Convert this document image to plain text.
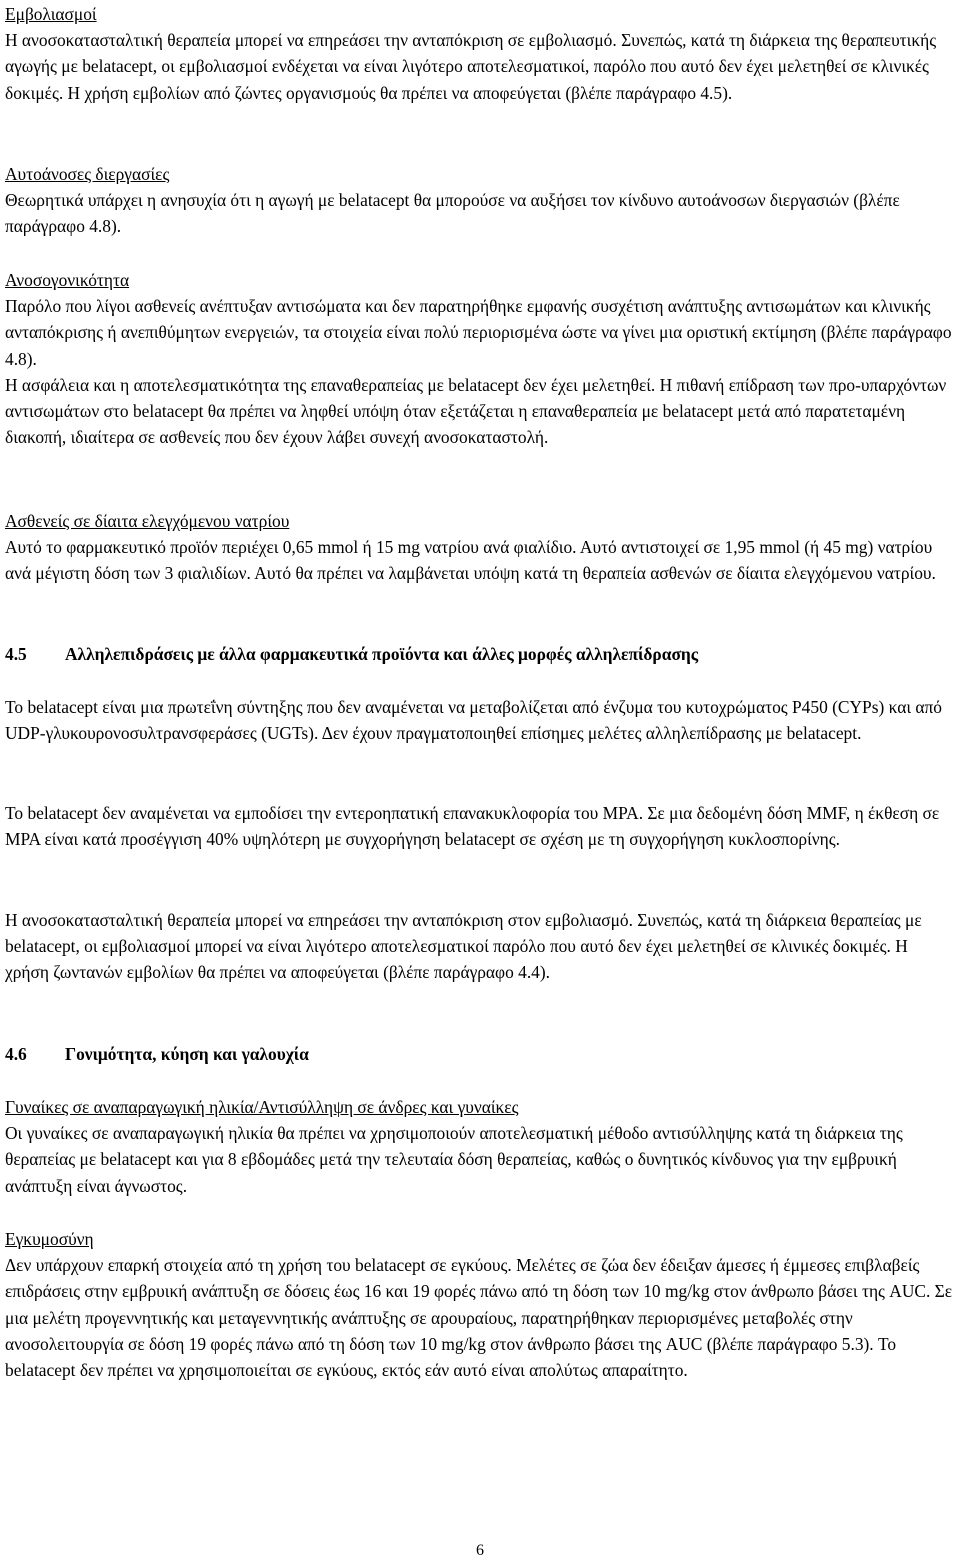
Εμβολιασμοί

Η ανοσοκατασταλτική θεραπεία μπορεί να επηρεάσει την ανταπόκριση σε εμβολιασμό. Συνεπώς, κατά τη διάρκεια της θεραπευτικής αγωγής με belatacept, οι εμβολιασμοί ενδέχεται να είναι λιγότερο αποτελεσματικοί, παρόλο που αυτό δεν έχει μελετηθεί σε κλινικές δοκιμές. Η χρήση εμβολίων από ζώντες οργανισμούς θα πρέπει να αποφεύγεται (βλέπε παράγραφο 4.5).

Αυτοάνοσες διεργασίες

Θεωρητικά υπάρχει η ανησυχία ότι η αγωγή με belatacept θα μπορούσε να αυξήσει τον κίνδυνο αυτοάνοσων διεργασιών (βλέπε παράγραφο 4.8).

Ανοσογονικότητα

Παρόλο που λίγοι ασθενείς ανέπτυξαν αντισώματα και δεν παρατηρήθηκε εμφανής συσχέτιση ανάπτυξης αντισωμάτων και κλινικής ανταπόκρισης ή ανεπιθύμητων ενεργειών, τα στοιχεία είναι πολύ περιορισμένα ώστε να γίνει μια οριστική εκτίμηση (βλέπε παράγραφο 4.8).

Η ασφάλεια και η αποτελεσματικότητα της επαναθεραπείας με belatacept δεν έχει μελετηθεί. Η πιθανή επίδραση των προ-υπαρχόντων αντισωμάτων στο belatacept θα πρέπει να ληφθεί υπόψη όταν εξετάζεται η επαναθεραπεία με belatacept μετά από παρατεταμένη διακοπή, ιδιαίτερα σε ασθενείς που δεν έχουν λάβει συνεχή ανοσοκαταστολή.

Ασθενείς σε δίαιτα ελεγχόμενου νατρίου

Αυτό το φαρμακευτικό προϊόν περιέχει 0,65 mmol ή 15 mg νατρίου ανά φιαλίδιο. Αυτό αντιστοιχεί σε 1,95 mmol (ή 45 mg) νατρίου ανά μέγιστη δόση των 3 φιαλιδίων. Αυτό θα πρέπει να λαμβάνεται υπόψη κατά τη θεραπεία ασθενών σε δίαιτα ελεγχόμενου νατρίου.

4.5	Αλληλεπιδράσεις με άλλα φαρμακευτικά προϊόντα και άλλες μορφές αλληλεπίδρασης

Το belatacept είναι μια πρωτεΐνη σύντηξης που δεν αναμένεται να μεταβολίζεται από ένζυμα του κυτοχρώματος P450 (CYPs) και από UDP-γλυκουρονοσυλτρανσφεράσες (UGTs). Δεν έχουν πραγματοποιηθεί επίσημες μελέτες αλληλεπίδρασης με belatacept.

Το belatacept δεν αναμένεται να εμποδίσει την εντεροηπατική επανακυκλοφορία του MPA. Σε μια δεδομένη δόση MMF, η έκθεση σε MPA είναι κατά προσέγγιση 40% υψηλότερη με συγχορήγηση belatacept σε σχέση με τη συγχορήγηση κυκλοσπορίνης.

Η ανοσοκατασταλτική θεραπεία μπορεί να επηρεάσει την ανταπόκριση στον εμβολιασμό. Συνεπώς, κατά τη διάρκεια θεραπείας με belatacept, οι εμβολιασμοί μπορεί να είναι λιγότερο αποτελεσματικοί παρόλο που αυτό δεν έχει μελετηθεί σε κλινικές δοκιμές. Η χρήση ζωντανών εμβολίων θα πρέπει να αποφεύγεται (βλέπε παράγραφο 4.4).

4.6	Γονιμότητα, κύηση και γαλουχία

Γυναίκες σε αναπαραγωγική ηλικία/Αντισύλληψη σε άνδρες και γυναίκες

Οι γυναίκες σε αναπαραγωγική ηλικία θα πρέπει να χρησιμοποιούν αποτελεσματική μέθοδο αντισύλληψης κατά τη διάρκεια της θεραπείας με belatacept και για 8 εβδομάδες μετά την τελευταία δόση θεραπείας, καθώς ο δυνητικός κίνδυνος για την εμβρυική ανάπτυξη είναι άγνωστος.

Εγκυμοσύνη

Δεν υπάρχουν επαρκή στοιχεία από τη χρήση του belatacept σε εγκύους. Μελέτες σε ζώα δεν έδειξαν άμεσες ή έμμεσες επιβλαβείς επιδράσεις στην εμβρυική ανάπτυξη σε δόσεις έως 16 και 19 φορές πάνω από τη δόση των 10 mg/kg στον άνθρωπο βάσει της AUC. Σε μια μελέτη προγεννητικής και μεταγεννητικής ανάπτυξης σε αρουραίους, παρατηρήθηκαν περιορισμένες μεταβολές στην ανοσολειτουργία σε δόση 19 φορές πάνω από τη δόση των 10 mg/kg στον άνθρωπο βάσει της AUC (βλέπε παράγραφο 5.3). Το belatacept δεν πρέπει να χρησιμοποιείται σε εγκύους, εκτός εάν αυτό είναι απολύτως απαραίτητο.

6
